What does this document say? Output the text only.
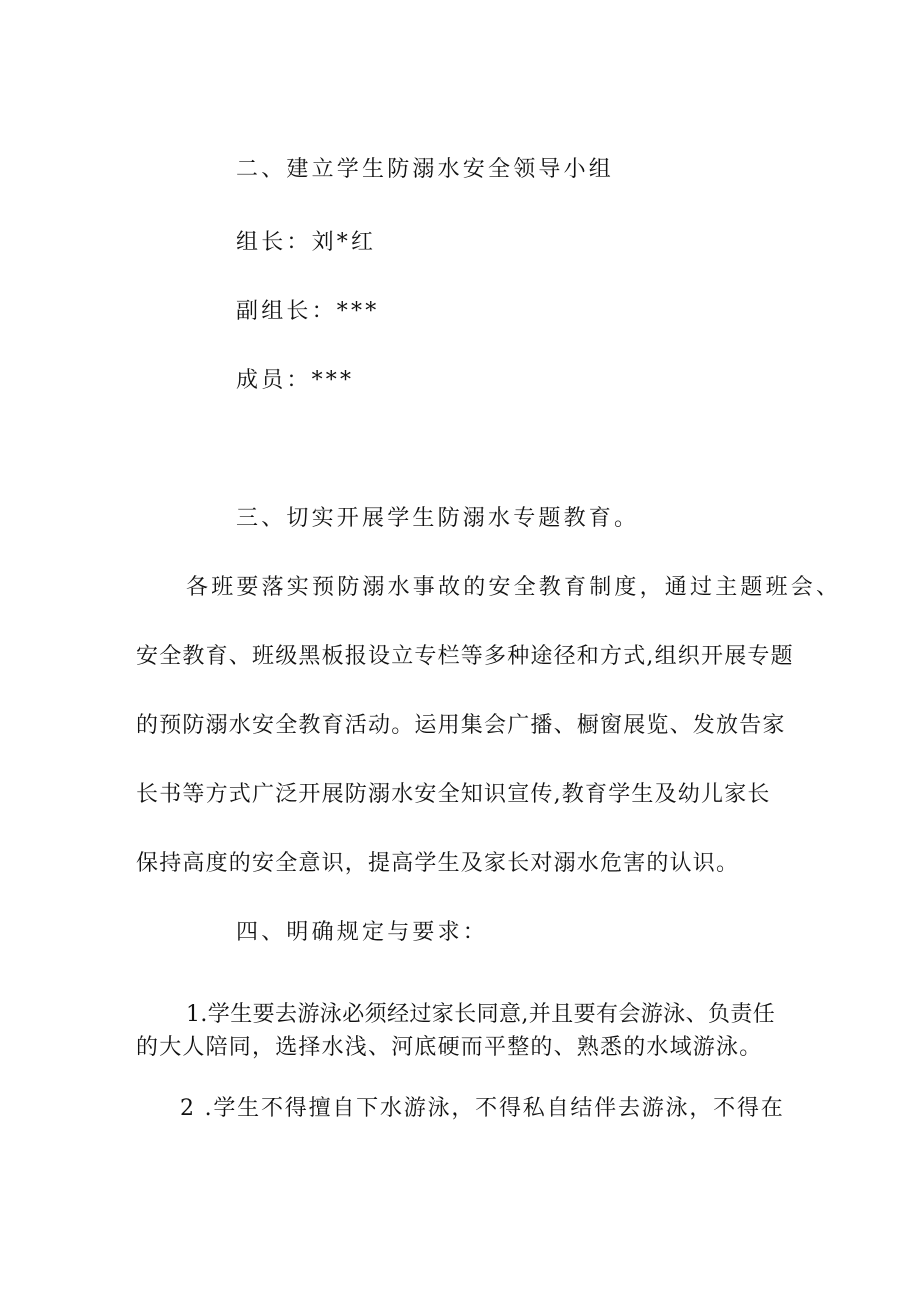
二、建立学生防溺水安全领导小组

组长：刘*红

副组长：***

成员：***

三、切实开展学生防溺水专题教育。

各班要落实预防溺水事故的安全教育制度，通过主题班会、

安全教育、班级黑板报设立专栏等多种途径和方式,组织开展专题

的预防溺水安全教育活动。运用集会广播、橱窗展览、发放告家

长书等方式广泛开展防溺水安全知识宣传,教育学生及幼儿家长

保持高度的安全意识，提高学生及家长对溺水危害的认识。

四、明确规定与要求：

1.学生要去游泳必须经过家长同意,并且要有会游泳、负责任

的大人陪同，选择水浅、河底硬而平整的、熟悉的水域游泳。

2 .学生不得擅自下水游泳，不得私自结伴去游泳，不得在
